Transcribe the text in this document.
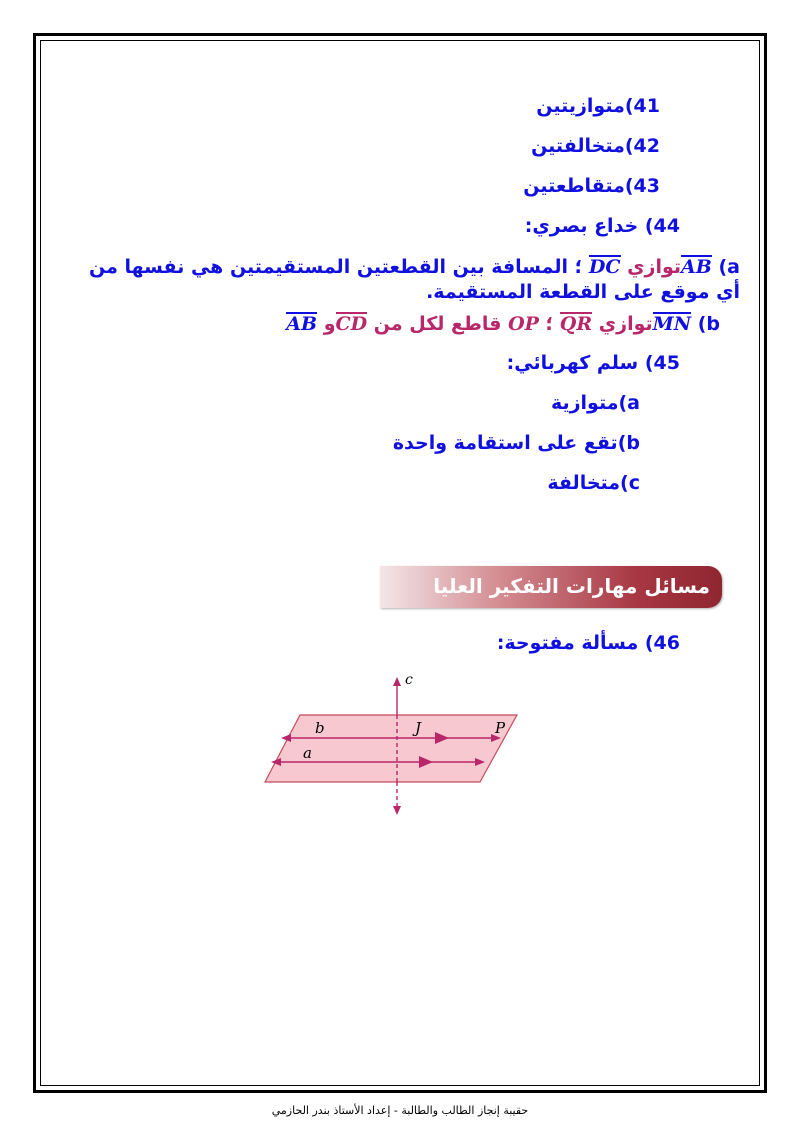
41)متوازيتين
42)متخالفتين
43)متقاطعتين
44) خداع بصري:
a) ABتوازي DC ؛ المسافة بين القطعتين المستقيمتين هي نفسها من أي موقع على القطعة المستقيمة.
b) MNتوازي QR ؛ OP قاطع لكل من CDو AB
45) سلم كهربائي:
a)متوازية
b)تقع على استقامة واحدة
c)متخالفة
مسائل مهارات التفكير العليا
46) مسألة مفتوحة:
c
b	J	P
a
حقيبة إنجاز الطالب والطالبة - إعداد الأستاذ بندر الحازمي
